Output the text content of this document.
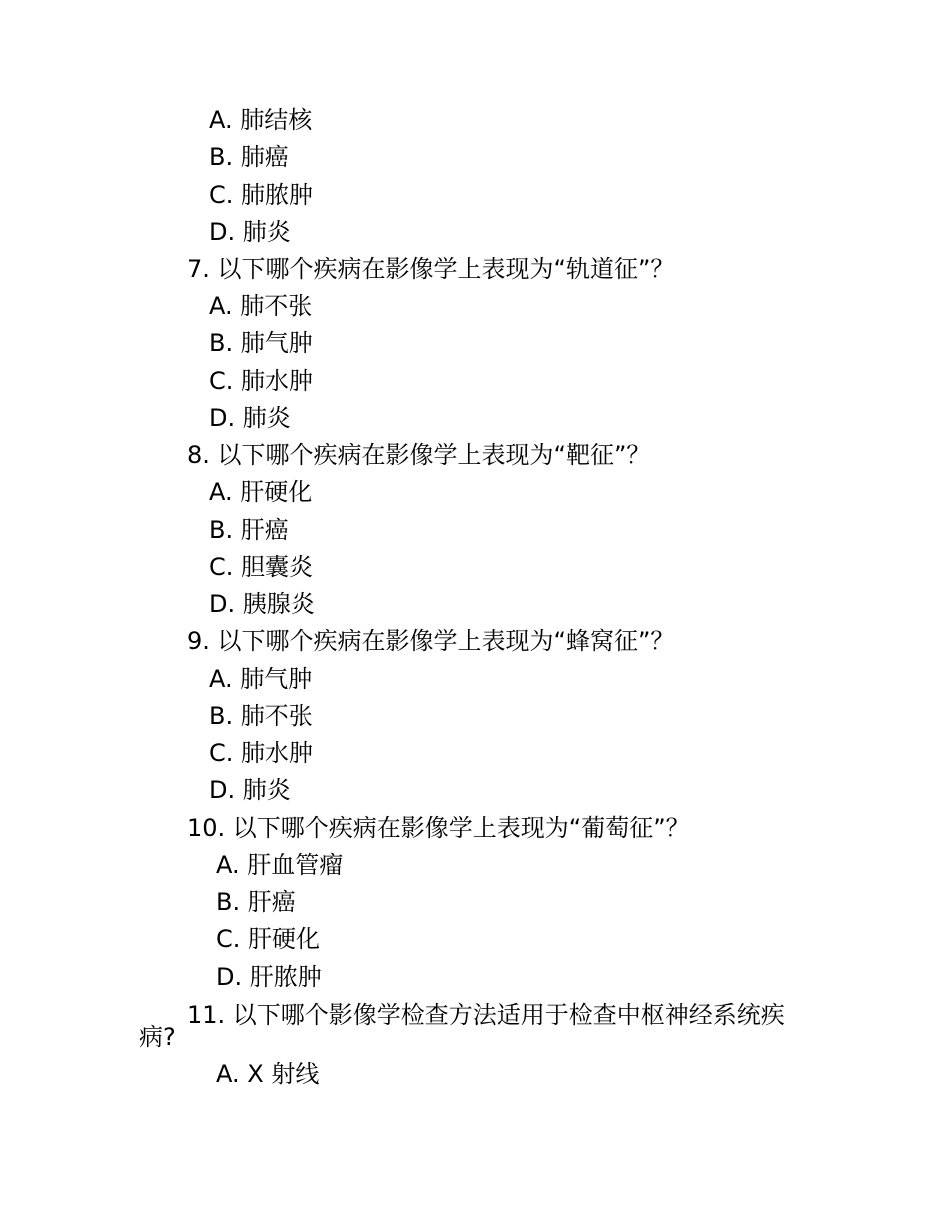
A. 肺结核
B. 肺癌
C. 肺脓肿
D. 肺炎
7. 以下哪个疾病在影像学上表现为“轨道征”？
A. 肺不张
B. 肺气肿
C. 肺水肿
D. 肺炎
8. 以下哪个疾病在影像学上表现为“靶征”？
A. 肝硬化
B. 肝癌
C. 胆囊炎
D. 胰腺炎
9. 以下哪个疾病在影像学上表现为“蜂窝征”？
A. 肺气肿
B. 肺不张
C. 肺水肿
D. 肺炎
10. 以下哪个疾病在影像学上表现为“葡萄征”？
A. 肝血管瘤
B. 肝癌
C. 肝硬化
D. 肝脓肿
11. 以下哪个影像学检查方法适用于检查中枢神经系统疾
病?
A. X 射线
